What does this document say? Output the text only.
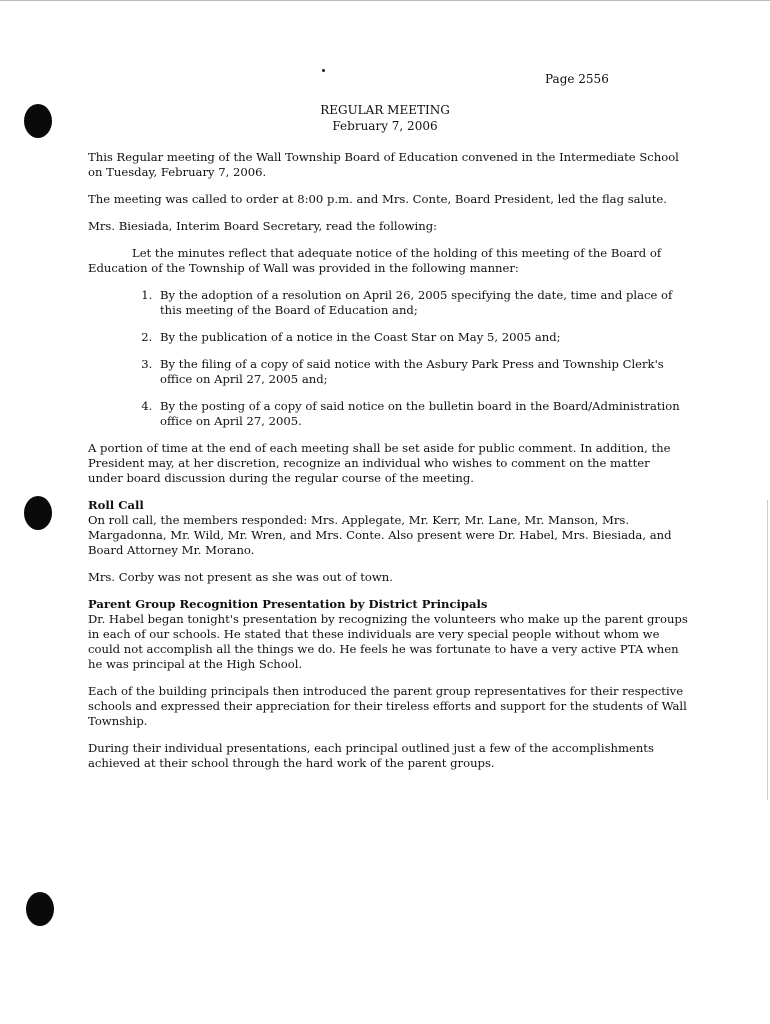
Page 2556
REGULAR MEETING
February 7, 2006

This Regular meeting of the Wall Township Board of Education convened in the Intermediate School on Tuesday, February 7, 2006.

The meeting was called to order at 8:00 p.m. and Mrs. Conte, Board President, led the flag salute.

Mrs. Biesiada, Interim Board Secretary, read the following:

Let the minutes reflect that adequate notice of the holding of this meeting of the Board of Education of the Township of Wall was provided in the following manner:

1. By the adoption of a resolution on April 26, 2005 specifying the date, time and place of this meeting of the Board of Education and;
2. By the publication of a notice in the Coast Star on May 5, 2005 and;
3. By the filing of a copy of said notice with the Asbury Park Press and Township Clerk's office on April 27, 2005 and;
4. By the posting of a copy of said notice on the bulletin board in the Board/Administration office on April 27, 2005.

A portion of time at the end of each meeting shall be set aside for public comment. In addition, the President may, at her discretion, recognize an individual who wishes to comment on the matter under board discussion during the regular course of the meeting.

Roll Call
On roll call, the members responded: Mrs. Applegate, Mr. Kerr, Mr. Lane, Mr. Manson, Mrs. Margadonna, Mr. Wild, Mr. Wren, and Mrs. Conte. Also present were Dr. Habel, Mrs. Biesiada, and Board Attorney Mr. Morano.

Mrs. Corby was not present as she was out of town.

Parent Group Recognition Presentation by District Principals
Dr. Habel began tonight's presentation by recognizing the volunteers who make up the parent groups in each of our schools. He stated that these individuals are very special people without whom we could not accomplish all the things we do. He feels he was fortunate to have a very active PTA when he was principal at the High School.

Each of the building principals then introduced the parent group representatives for their respective schools and expressed their appreciation for their tireless efforts and support for the students of Wall Township.

During their individual presentations, each principal outlined just a few of the accomplishments achieved at their school through the hard work of the parent groups.
